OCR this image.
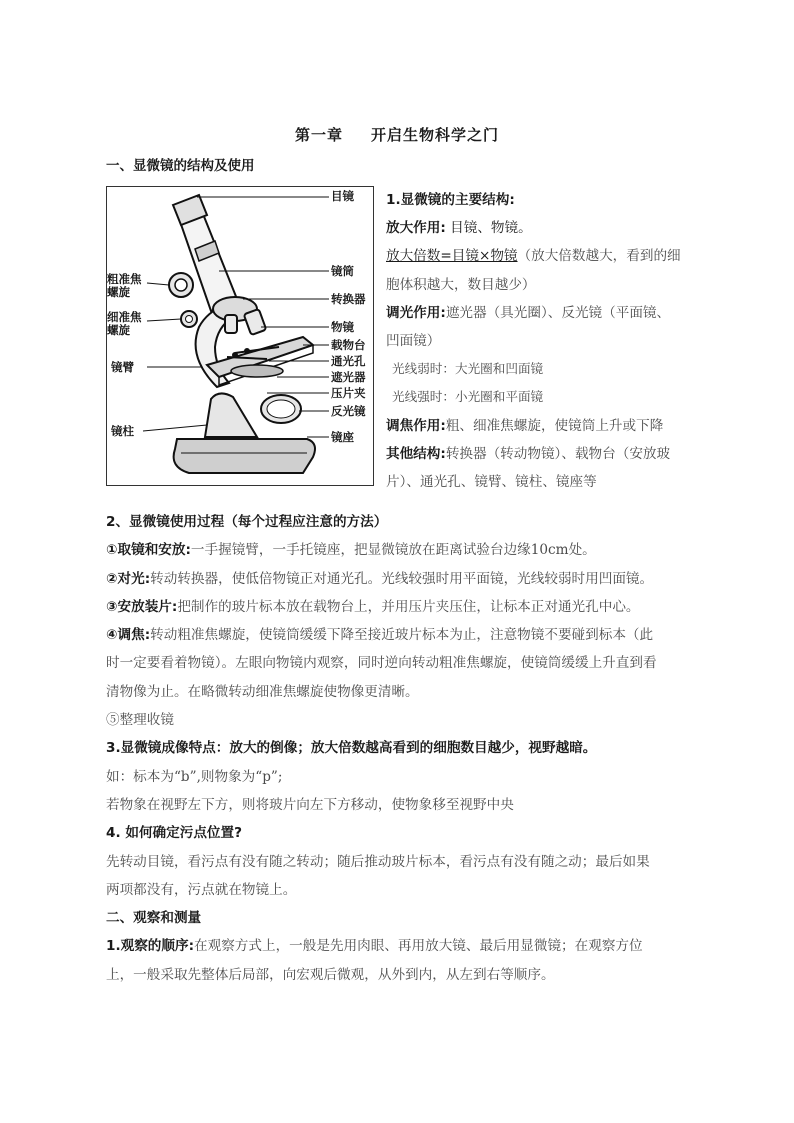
第一章 开启生物科学之门
一、显微镜的结构及使用
目镜
镜筒
转换器
物镜
载物台
通光孔
遮光器
压片夹
反光镜
镜座
粗准焦
螺旋
细准焦
螺旋
镜臂
镜柱
1.显微镜的主要结构:
放大作用: 目镜、物镜。
放大倍数=目镜×物镜（放大倍数越大，看到的细
胞体积越大，数目越少）
调光作用:遮光器（具光圈）、反光镜（平面镜、
凹面镜）
光线弱时：大光圈和凹面镜
光线强时：小光圈和平面镜
调焦作用:粗、细准焦螺旋，使镜筒上升或下降
其他结构:转换器（转动物镜）、载物台（安放玻
片）、通光孔、镜臂、镜柱、镜座等
2、显微镜使用过程（每个过程应注意的方法）
①取镜和安放:一手握镜臂，一手托镜座，把显微镜放在距离试验台边缘10cm处。
②对光:转动转换器，使低倍物镜正对通光孔。光线较强时用平面镜，光线较弱时用凹面镜。
③安放装片:把制作的玻片标本放在载物台上，并用压片夹压住，让标本正对通光孔中心。
④调焦:转动粗准焦螺旋，使镜筒缓缓下降至接近玻片标本为止，注意物镜不要碰到标本（此
时一定要看着物镜）。左眼向物镜内观察，同时逆向转动粗准焦螺旋，使镜筒缓缓上升直到看
清物像为止。在略微转动细准焦螺旋使物像更清晰。
⑤整理收镜
3.显微镜成像特点：放大的倒像；放大倍数越高看到的细胞数目越少，视野越暗。
如：标本为“b”,则物象为“p”;
若物象在视野左下方，则将玻片向左下方移动，使物象移至视野中央
4. 如何确定污点位置?
先转动目镜，看污点有没有随之转动；随后推动玻片标本，看污点有没有随之动；最后如果
两项都没有，污点就在物镜上。
二、观察和测量
1.观察的顺序:在观察方式上，一般是先用肉眼、再用放大镜、最后用显微镜；在观察方位
上，一般采取先整体后局部，向宏观后微观，从外到内，从左到右等顺序。
